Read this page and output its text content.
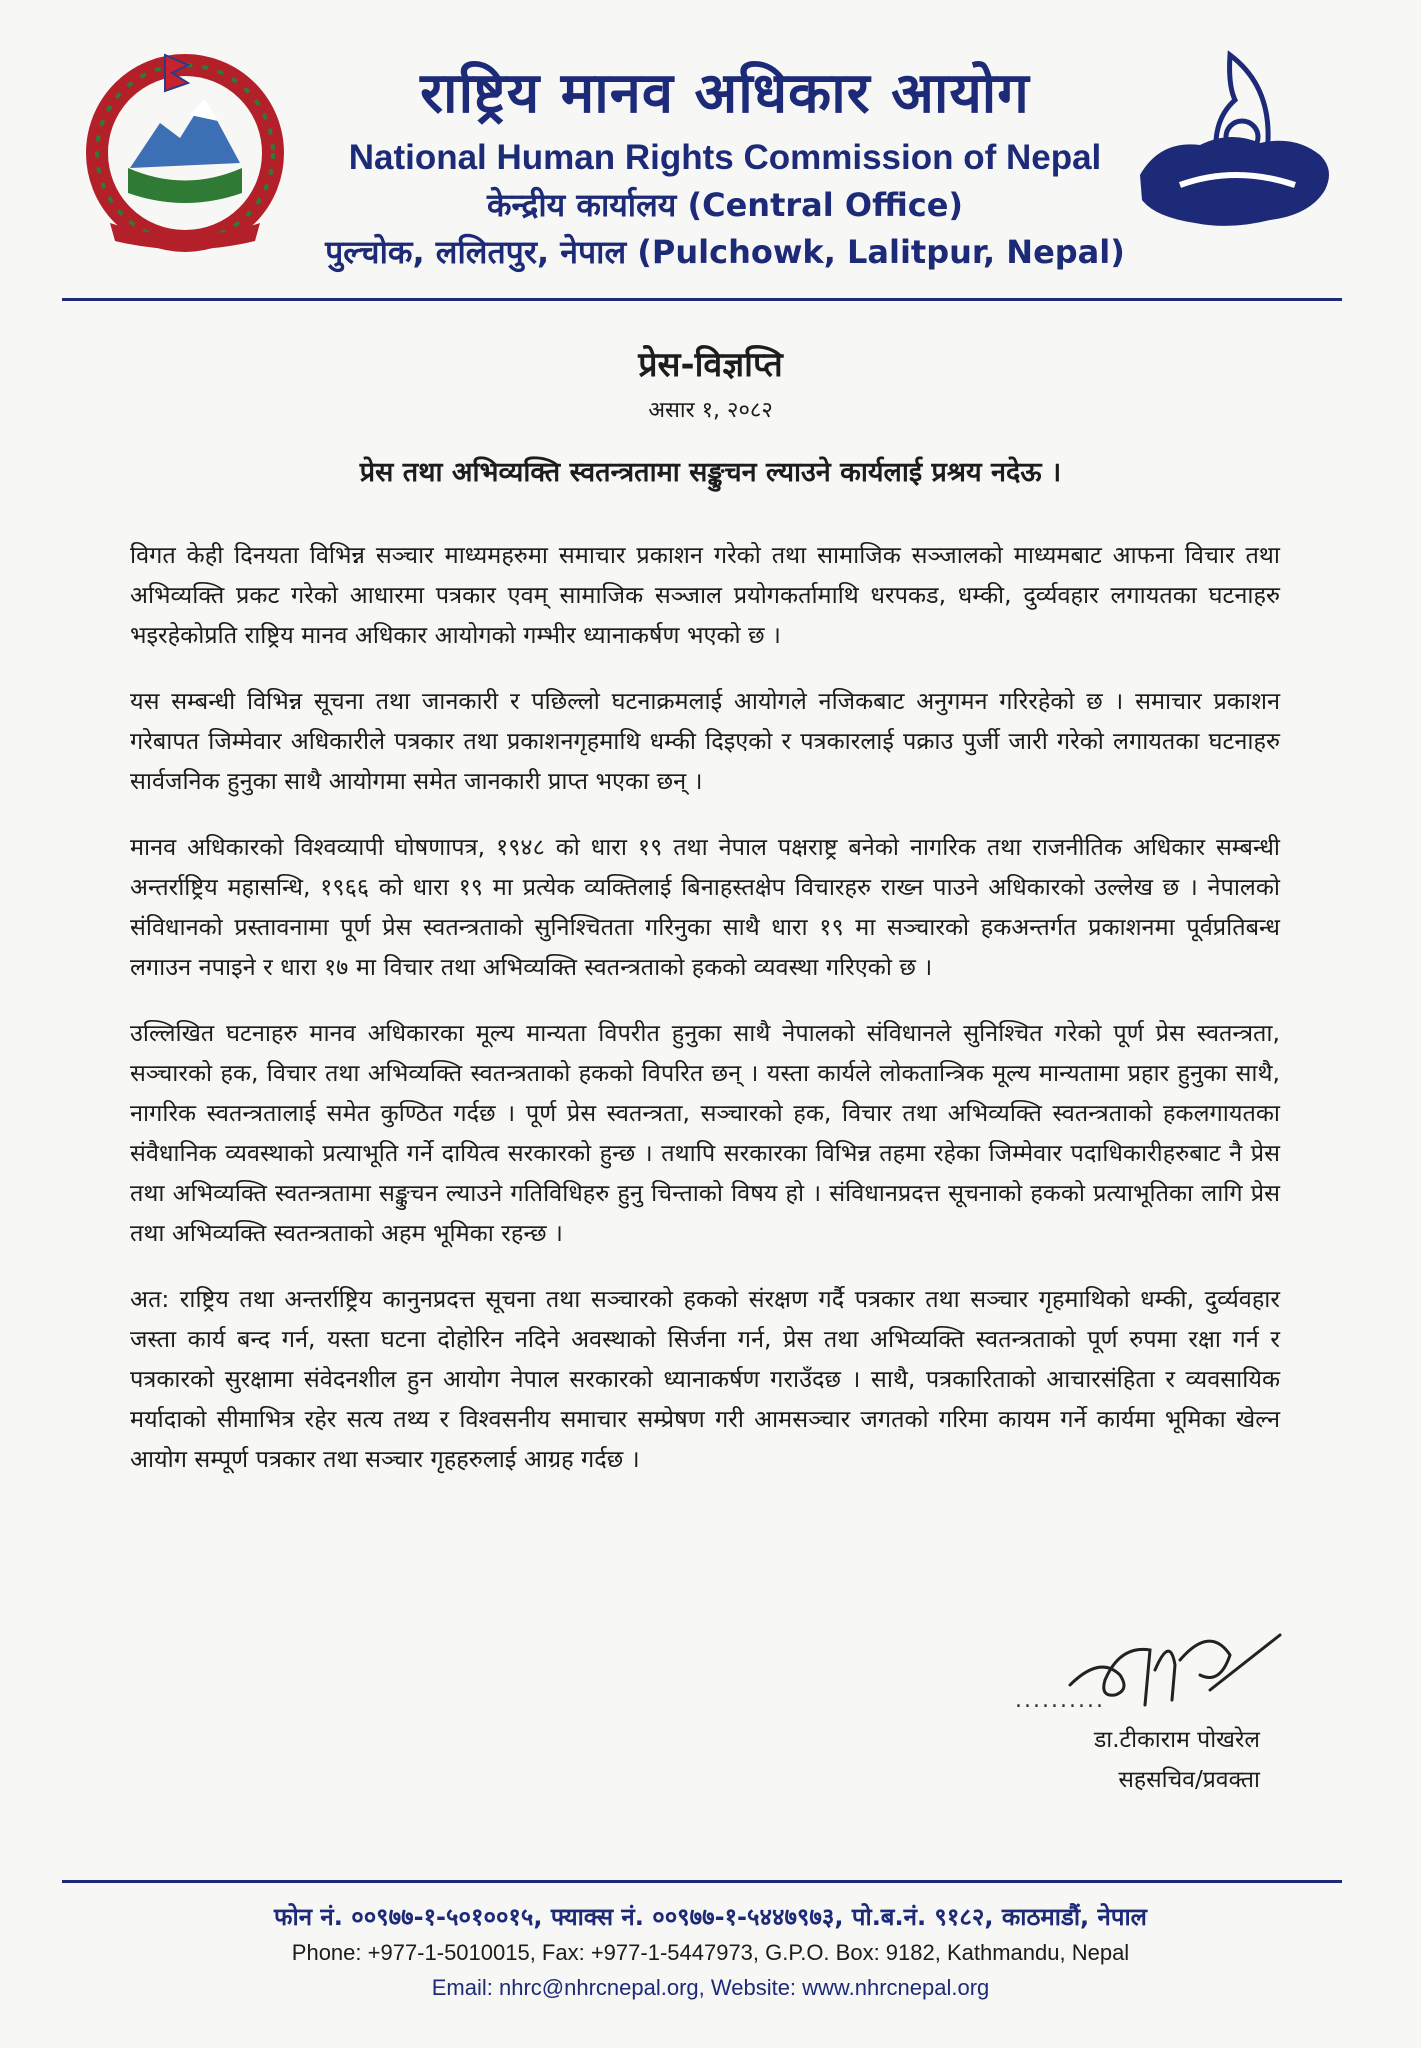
राष्ट्रिय मानव अधिकार आयोग
National Human Rights Commission of Nepal
केन्द्रीय कार्यालय (Central Office)
पुल्चोक, ललितपुर, नेपाल (Pulchowk, Lalitpur, Nepal)
प्रेस-विज्ञप्ति
असार १, २०८२
प्रेस तथा अभिव्यक्ति स्वतन्त्रतामा सङ्कुचन ल्याउने कार्यलाई प्रश्रय नदेऊ ।

विगत केही दिनयता विभिन्न सञ्चार माध्यमहरुमा समाचार प्रकाशन गरेको तथा सामाजिक सञ्जालको माध्यमबाट आफना विचार तथा अभिव्यक्ति प्रकट गरेको आधारमा पत्रकार एवम् सामाजिक सञ्जाल प्रयोगकर्तामाथि धरपकड, धम्की, दुर्व्यवहार लगायतका घटनाहरु भइरहेकोप्रति राष्ट्रिय मानव अधिकार आयोगको गम्भीर ध्यानाकर्षण भएको छ ।

यस सम्बन्धी विभिन्न सूचना तथा जानकारी र पछिल्लो घटनाक्रमलाई आयोगले नजिकबाट अनुगमन गरिरहेको छ । समाचार प्रकाशन गरेबापत जिम्मेवार अधिकारीले पत्रकार तथा प्रकाशनगृहमाथि धम्की दिइएको र पत्रकारलाई पक्राउ पुर्जी जारी गरेको लगायतका घटनाहरु सार्वजनिक हुनुका साथै आयोगमा समेत जानकारी प्राप्त भएका छन् ।

मानव अधिकारको विश्वव्यापी घोषणापत्र, १९४८ को धारा १९ तथा नेपाल पक्षराष्ट्र बनेको नागरिक तथा राजनीतिक अधिकार सम्बन्धी अन्तर्राष्ट्रिय महासन्धि, १९६६ को धारा १९ मा प्रत्येक व्यक्तिलाई बिनाहस्तक्षेप विचारहरु राख्न पाउने अधिकारको उल्लेख छ । नेपालको संविधानको प्रस्तावनामा पूर्ण प्रेस स्वतन्त्रताको सुनिश्चितता गरिनुका साथै धारा १९ मा सञ्चारको हकअन्तर्गत प्रकाशनमा पूर्वप्रतिबन्ध लगाउन नपाइने र धारा १७ मा विचार तथा अभिव्यक्ति स्वतन्त्रताको हकको व्यवस्था गरिएको छ ।

उल्लिखित घटनाहरु मानव अधिकारका मूल्य मान्यता विपरीत हुनुका साथै नेपालको संविधानले सुनिश्चित गरेको पूर्ण प्रेस स्वतन्त्रता, सञ्चारको हक, विचार तथा अभिव्यक्ति स्वतन्त्रताको हकको विपरित छन् । यस्ता कार्यले लोकतान्त्रिक मूल्य मान्यतामा प्रहार हुनुका साथै, नागरिक स्वतन्त्रतालाई समेत कुण्ठित गर्दछ । पूर्ण प्रेस स्वतन्त्रता, सञ्चारको हक, विचार तथा अभिव्यक्ति स्वतन्त्रताको हकलगायतका संवैधानिक व्यवस्थाको प्रत्याभूति गर्ने दायित्व सरकारको हुन्छ । तथापि सरकारका विभिन्न तहमा रहेका जिम्मेवार पदाधिकारीहरुबाट नै प्रेस तथा अभिव्यक्ति स्वतन्त्रतामा सङ्कुचन ल्याउने गतिविधिहरु हुनु चिन्ताको विषय हो । संविधानप्रदत्त सूचनाको हकको प्रत्याभूतिका लागि प्रेस तथा अभिव्यक्ति स्वतन्त्रताको अहम भूमिका रहन्छ ।

अत: राष्ट्रिय तथा अन्तर्राष्ट्रिय कानुनप्रदत्त सूचना तथा सञ्चारको हकको संरक्षण गर्दै पत्रकार तथा सञ्चार गृहमाथिको धम्की, दुर्व्यवहार जस्ता कार्य बन्द गर्न, यस्ता घटना दोहोरिन नदिने अवस्थाको सिर्जना गर्न, प्रेस तथा अभिव्यक्ति स्वतन्त्रताको पूर्ण रुपमा रक्षा गर्न र पत्रकारको सुरक्षामा संवेदनशील हुन आयोग नेपाल सरकारको ध्यानाकर्षण गराउँदछ । साथै, पत्रकारिताको आचारसंहिता र व्यवसायिक मर्यादाको सीमाभित्र रहेर सत्य तथ्य र विश्वसनीय समाचार सम्प्रेषण गरी आमसञ्चार जगतको गरिमा कायम गर्ने कार्यमा भूमिका खेल्न आयोग सम्पूर्ण पत्रकार तथा सञ्चार गृहहरुलाई आग्रह गर्दछ ।

..........
डा.टीकाराम पोखरेल
सहसचिव/प्रवक्ता
फोन नं. ००९७७-१-५०१००१५, फ्याक्स नं. ००९७७-१-५४४७९७३, पो.ब.नं. ९१८२, काठमाडौं, नेपाल
Phone: +977-1-5010015, Fax: +977-1-5447973, G.P.O. Box: 9182, Kathmandu, Nepal
Email: nhrc@nhrcnepal.org, Website: www.nhrcnepal.org
